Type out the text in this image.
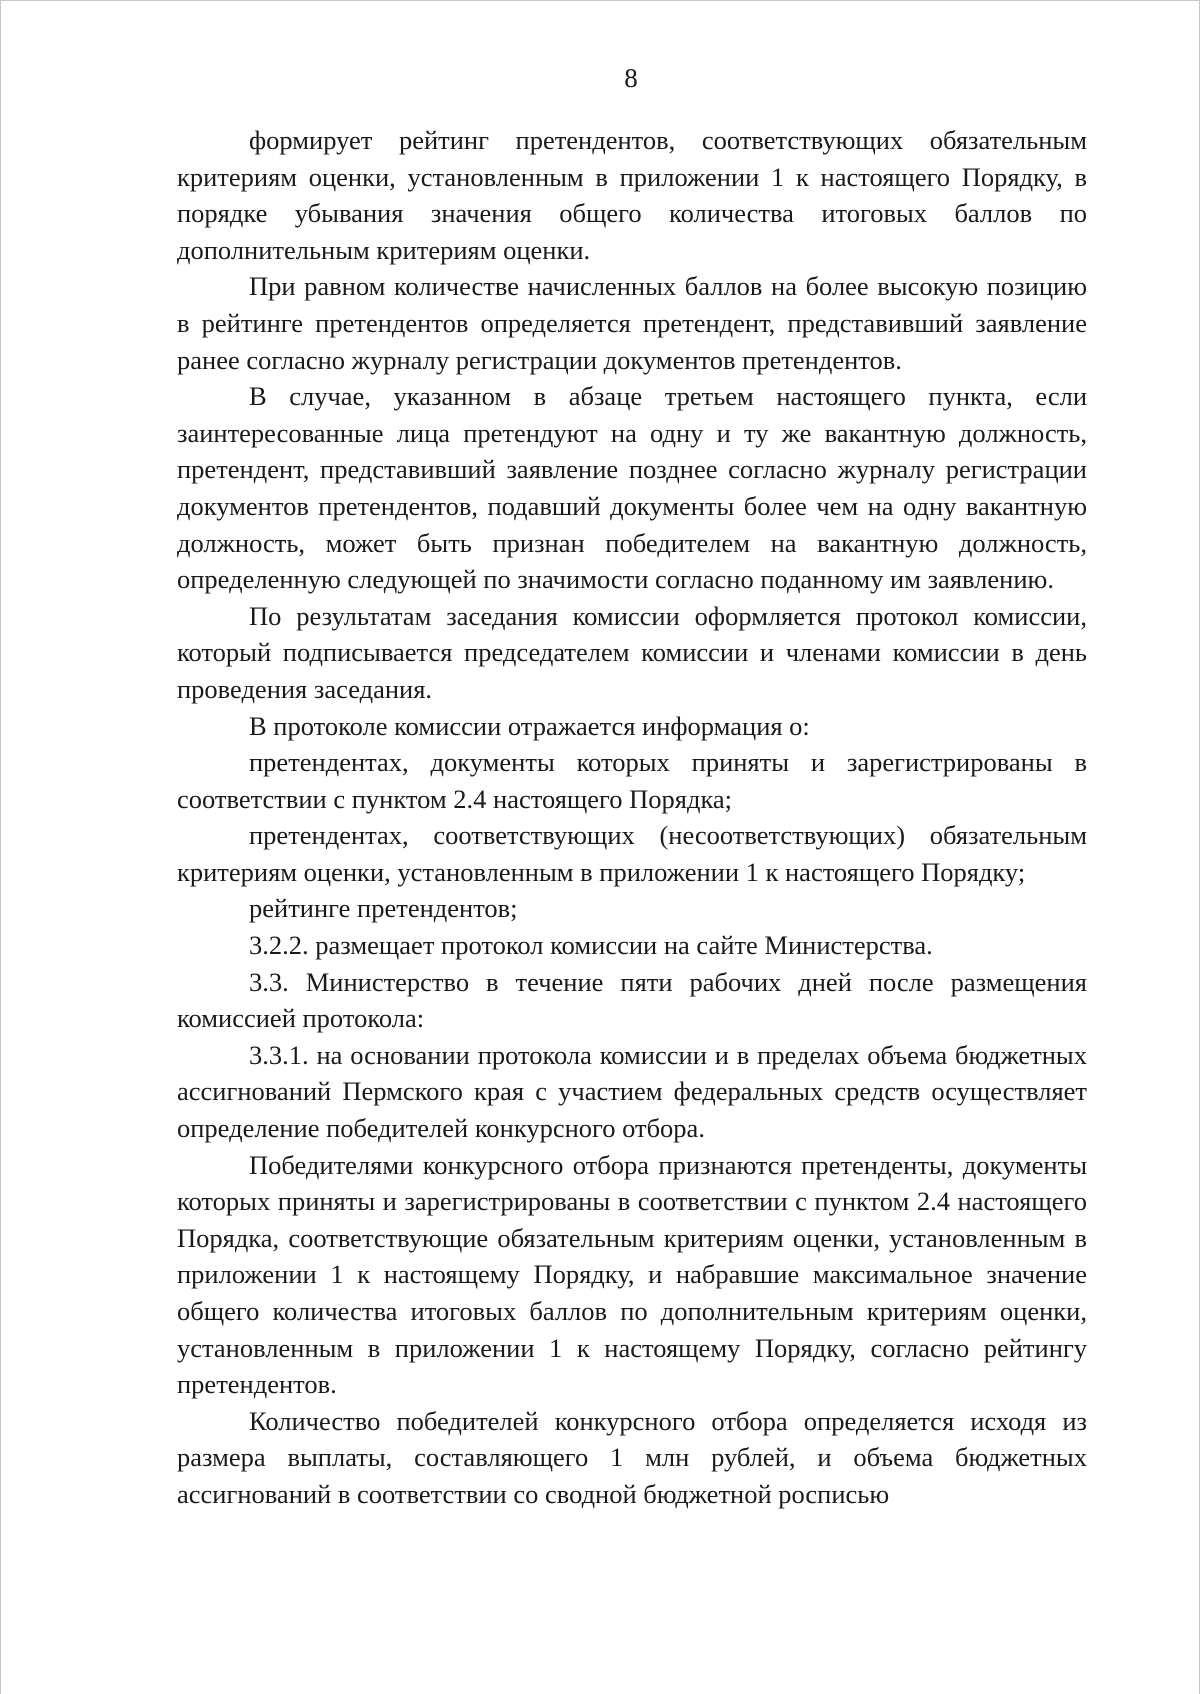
8

формирует рейтинг претендентов, соответствующих обязательным критериям оценки, установленным в приложении 1 к настоящего Порядку, в порядке убывания значения общего количества итоговых баллов по дополнительным критериям оценки.

При равном количестве начисленных баллов на более высокую позицию в рейтинге претендентов определяется претендент, представивший заявление ранее согласно журналу регистрации документов претендентов.

В случае, указанном в абзаце третьем настоящего пункта, если заинтересованные лица претендуют на одну и ту же вакантную должность, претендент, представивший заявление позднее согласно журналу регистрации документов претендентов, подавший документы более чем на одну вакантную должность, может быть признан победителем на вакантную должность, определенную следующей по значимости согласно поданному им заявлению.

По результатам заседания комиссии оформляется протокол комиссии, который подписывается председателем комиссии и членами комиссии в день проведения заседания.

В протоколе комиссии отражается информация о:

претендентах, документы которых приняты и зарегистрированы в соответствии с пунктом 2.4 настоящего Порядка;

претендентах, соответствующих (несоответствующих) обязательным критериям оценки, установленным в приложении 1 к настоящего Порядку;

рейтинге претендентов;

3.2.2. размещает протокол комиссии на сайте Министерства.

3.3. Министерство в течение пяти рабочих дней после размещения комиссией протокола:

3.3.1. на основании протокола комиссии и в пределах объема бюджетных ассигнований Пермского края с участием федеральных средств осуществляет определение победителей конкурсного отбора.

Победителями конкурсного отбора признаются претенденты, документы которых приняты и зарегистрированы в соответствии с пунктом 2.4 настоящего Порядка, соответствующие обязательным критериям оценки, установленным в приложении 1 к настоящему Порядку, и набравшие максимальное значение общего количества итоговых баллов по дополнительным критериям оценки, установленным в приложении 1 к настоящему Порядку, согласно рейтингу претендентов.

Количество победителей конкурсного отбора определяется исходя из размера выплаты, составляющего 1 млн рублей, и объема бюджетных ассигнований в соответствии со сводной бюджетной росписью
